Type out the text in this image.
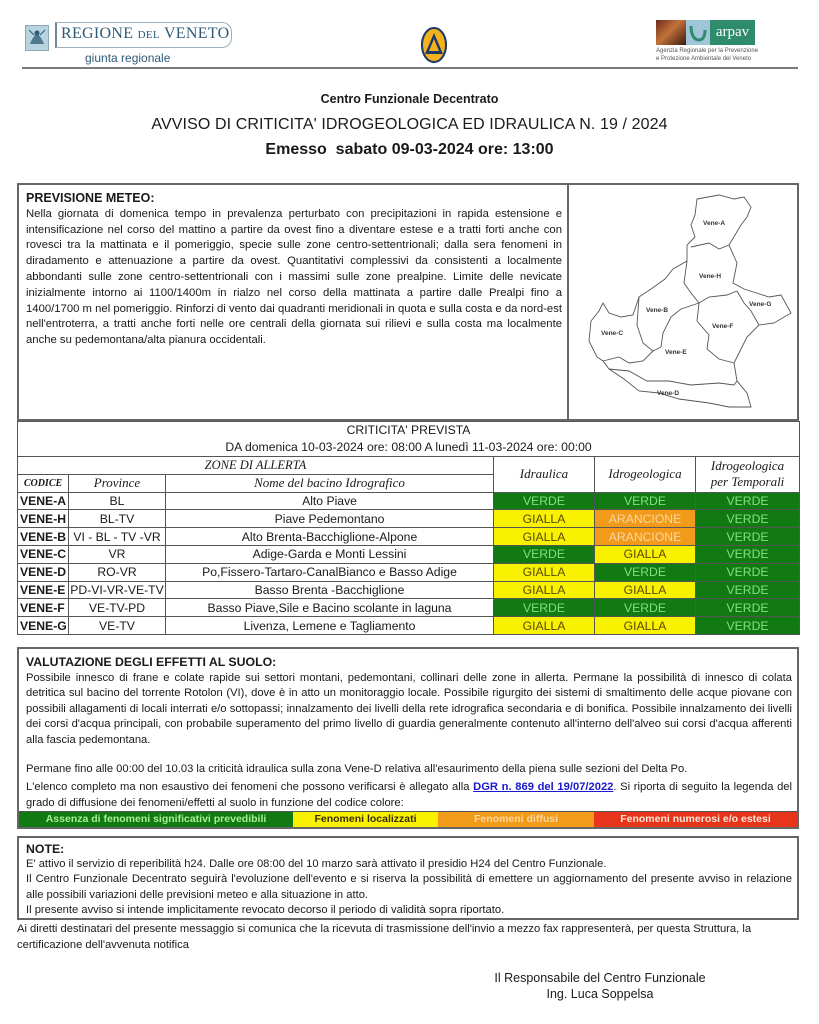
REGIONE DEL VENETO
giunta regionale
arpav
Agenzia Regionale per la Prevenzione
e Protezione Ambientale del Veneto
Centro Funzionale Decentrato
AVVISO DI CRITICITA' IDROGEOLOGICA ED IDRAULICA N. 19 / 2024
Emesso  sabato 09-03-2024 ore: 13:00
PREVISIONE METEO:
Nella giornata di domenica tempo in prevalenza perturbato con precipitazioni in rapida estensione e intensificazione nel corso del mattino a partire da ovest fino a diventare estese e a tratti forti anche con rovesci tra la mattinata e il pomeriggio, specie sulle zone centro-settentrionali; dalla sera fenomeni in diradamento e attenuazione a partire da ovest. Quantitativi complessivi da consistenti a localmente abbondanti sulle zone centro-settentrionali con i massimi sulle zone prealpine. Limite delle nevicate inizialmente intorno ai 1100/1400m in rialzo nel corso della mattinata a partire dalle Prealpi fino a 1400/1700 m nel pomeriggio. Rinforzi di vento dai quadranti meridionali in quota e sulla costa e da nord-est nell'entroterra, a tratti anche forti nelle ore centrali della giornata sui rilievi e sulla costa ma localmente anche su pedemontana/alta pianura occidentali.
Vene-A
Vene-H
Vene-B
Vene-G
Vene-F
Vene-C
Vene-E
Vene-D
CRITICITA' PREVISTA
DA domenica 10-03-2024 ore: 08:00 A lunedì 11-03-2024 ore: 00:00					

ZONE DI ALLERTA			Idraulica	Idrogeologica	Idrogeologica
per Temporali

CODICE	Province	Nome del bacino Idrografico			
VENE-A	BL	Alto Piave	VERDE	VERDE	VERDE
VENE-H	BL-TV	Piave Pedemontano	GIALLA	ARANCIONE	VERDE
VENE-B	VI - BL - TV -VR	Alto Brenta-Bacchiglione-Alpone	GIALLA	ARANCIONE	VERDE
VENE-C	VR	Adige-Garda e Monti Lessini	VERDE	GIALLA	VERDE
VENE-D	RO-VR	Po,Fissero-Tartaro-CanalBianco e Basso Adige	GIALLA	VERDE	VERDE
VENE-E	PD-VI-VR-VE-TV	Basso Brenta -Bacchiglione	GIALLA	GIALLA	VERDE
VENE-F	VE-TV-PD	Basso Piave,Sile e Bacino scolante in laguna	VERDE	VERDE	VERDE
VENE-G	VE-TV	Livenza, Lemene e Tagliamento	GIALLA	GIALLA	VERDE
VALUTAZIONE DEGLI EFFETTI AL SUOLO:
Possibile innesco di frane e colate rapide sui settori montani, pedemontani, collinari delle zone in allerta. Permane la possibilità di innesco di colata detritica sul bacino del torrente Rotolon (VI), dove è in atto un monitoraggio locale. Possibile rigurgito dei sistemi di smaltimento delle acque piovane con possibili allagamenti di locali interrati e/o sottopassi; innalzamento dei livelli della rete idrografica secondaria e di bonifica. Possibile innalzamento dei livelli dei corsi d'acqua principali, con probabile superamento del primo livello di guardia generalmente contenuto all'interno dell'alveo sui corsi d'acqua afferenti alla fascia pedemontana.
Permane fino alle 00:00 del 10.03 la criticità idraulica sulla zona Vene-D relativa all'esaurimento della piena sulle sezioni del Delta Po.
L'elenco completo ma non esaustivo dei fenomeni che possono verificarsi è allegato alla DGR n. 869 del 19/07/2022. Si riporta di seguito la legenda del grado di diffusione dei fenomeni/effetti al suolo in funzione del codice colore:
Assenza di fenomeni significativi prevedibili	Fenomeni localizzati	Fenomeni diffusi	Fenomeni numerosi e/o estesi
NOTE:
E' attivo il servizio di reperibilità h24. Dalle ore 08:00 del 10 marzo sarà attivato il presidio H24 del Centro Funzionale.
Il Centro Funzionale Decentrato seguirà l'evoluzione dell'evento e si riserva la possibilità di emettere un aggiornamento del presente avviso in relazione alle possibili variazioni delle previsioni meteo e alla situazione in atto.
Il presente avviso si intende implicitamente revocato decorso il periodo di validità sopra riportato.
Ai diretti destinatari del presente messaggio si comunica che la ricevuta di trasmissione dell'invio a mezzo fax rappresenterà, per questa Struttura, la certificazione dell'avvenuta notifica
Il Responsabile del Centro Funzionale
Ing. Luca Soppelsa
